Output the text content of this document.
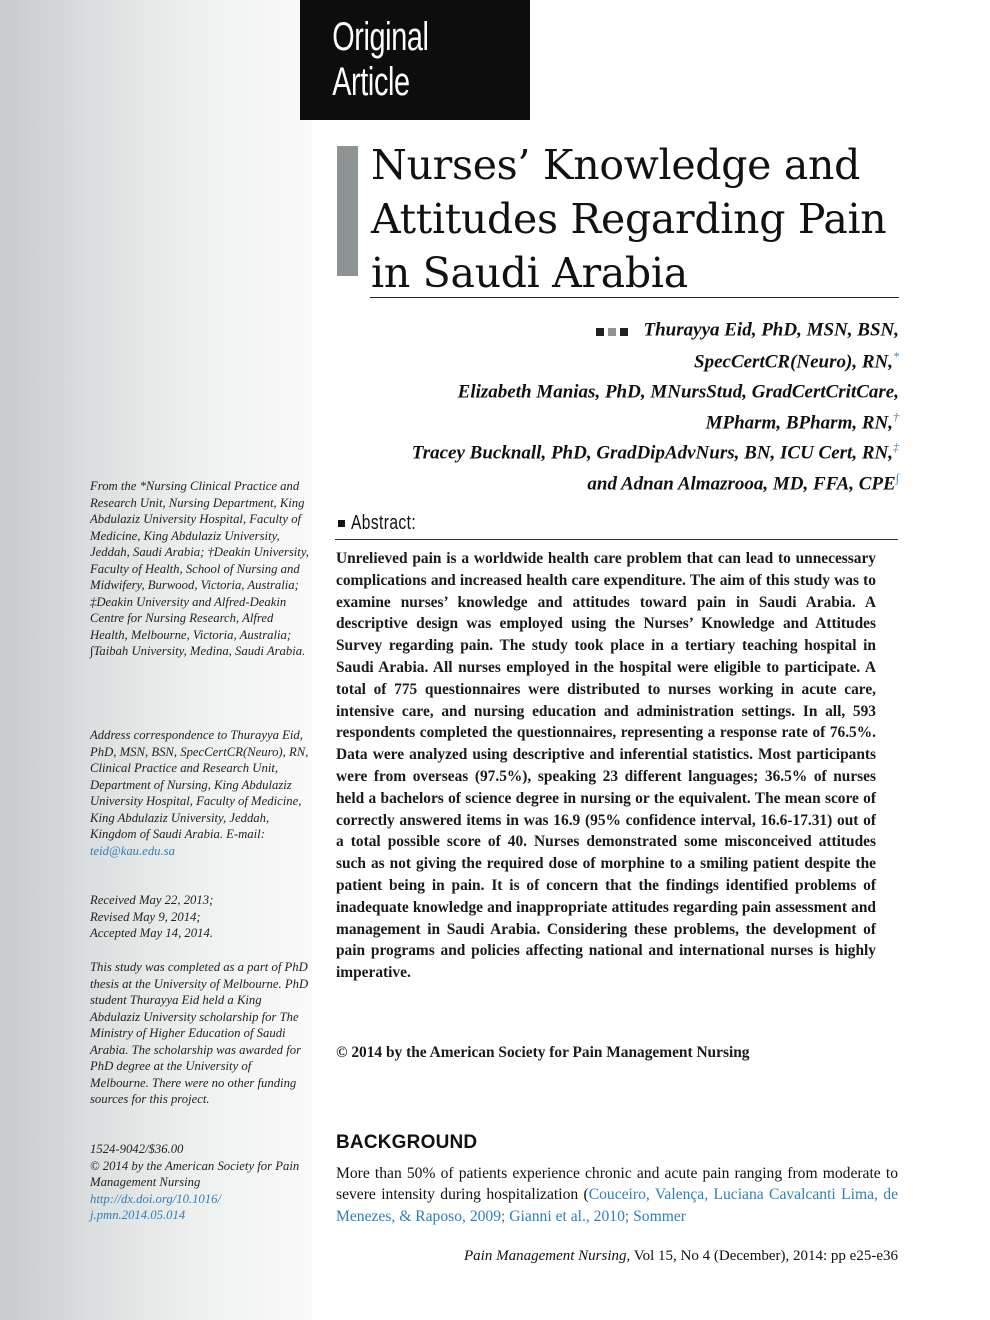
Original Article
Nurses’ Knowledge and Attitudes Regarding Pain in Saudi Arabia
Thurayya Eid, PhD, MSN, BSN,
SpecCertCR(Neuro), RN,*
Elizabeth Manias, PhD, MNursStud, GradCertCritCare,
MPharm, BPharm, RN,†
Tracey Bucknall, PhD, GradDipAdvNurs, BN, ICU Cert, RN,‡
and Adnan Almazrooa, MD, FFA, CPE∫
From the *Nursing Clinical Practice and Research Unit, Nursing Department, King Abdulaziz University Hospital, Faculty of Medicine, King Abdulaziz University, Jeddah, Saudi Arabia; †Deakin University, Faculty of Health, School of Nursing and Midwifery, Burwood, Victoria, Australia; ‡Deakin University and Alfred-Deakin Centre for Nursing Research, Alfred Health, Melbourne, Victoria, Australia; ∫Taibah University, Medina, Saudi Arabia.
Address correspondence to Thurayya Eid, PhD, MSN, BSN, SpecCertCR(Neuro), RN, Clinical Practice and Research Unit, Department of Nursing, King Abdulaziz University Hospital, Faculty of Medicine, King Abdulaziz University, Jeddah, Kingdom of Saudi Arabia. E-mail: teid@kau.edu.sa
Received May 22, 2013;
Revised May 9, 2014;
Accepted May 14, 2014.
This study was completed as a part of PhD thesis at the University of Melbourne. PhD student Thurayya Eid held a King Abdulaziz University scholarship for The Ministry of Higher Education of Saudi Arabia. The scholarship was awarded for PhD degree at the University of Melbourne. There were no other funding sources for this project.
1524-9042/$36.00
© 2014 by the American Society for Pain Management Nursing
http://dx.doi.org/10.1016/
j.pmn.2014.05.014
Abstract:

Unrelieved pain is a worldwide health care problem that can lead to unnecessary complications and increased health care expenditure. The aim of this study was to examine nurses’ knowledge and attitudes toward pain in Saudi Arabia. A descriptive design was employed using the Nurses’ Knowledge and Attitudes Survey regarding pain. The study took place in a tertiary teaching hospital in Saudi Arabia. All nurses employed in the hospital were eligible to participate. A total of 775 questionnaires were distributed to nurses working in acute care, intensive care, and nursing education and administration settings. In all, 593 respondents completed the questionnaires, representing a response rate of 76.5%. Data were analyzed using descriptive and inferential statistics. Most participants were from overseas (97.5%), speaking 23 different languages; 36.5% of nurses held a bachelors of science degree in nursing or the equivalent. The mean score of correctly answered items in was 16.9 (95% confidence interval, 16.6-17.31) out of a total possible score of 40. Nurses demonstrated some misconceived attitudes such as not giving the required dose of morphine to a smiling patient despite the patient being in pain. It is of concern that the findings identified problems of inadequate knowledge and inappropriate attitudes regarding pain assessment and management in Saudi Arabia. Considering these problems, the development of pain programs and policies affecting national and international nurses is highly imperative.

© 2014 by the American Society for Pain Management Nursing
BACKGROUND

More than 50% of patients experience chronic and acute pain ranging from moderate to severe intensity during hospitalization (Couceiro, Valença, Luciana Cavalcanti Lima, de Menezes, & Raposo, 2009; Gianni et al., 2010; Sommer

Pain Management Nursing, Vol 15, No 4 (December), 2014: pp e25-e36
